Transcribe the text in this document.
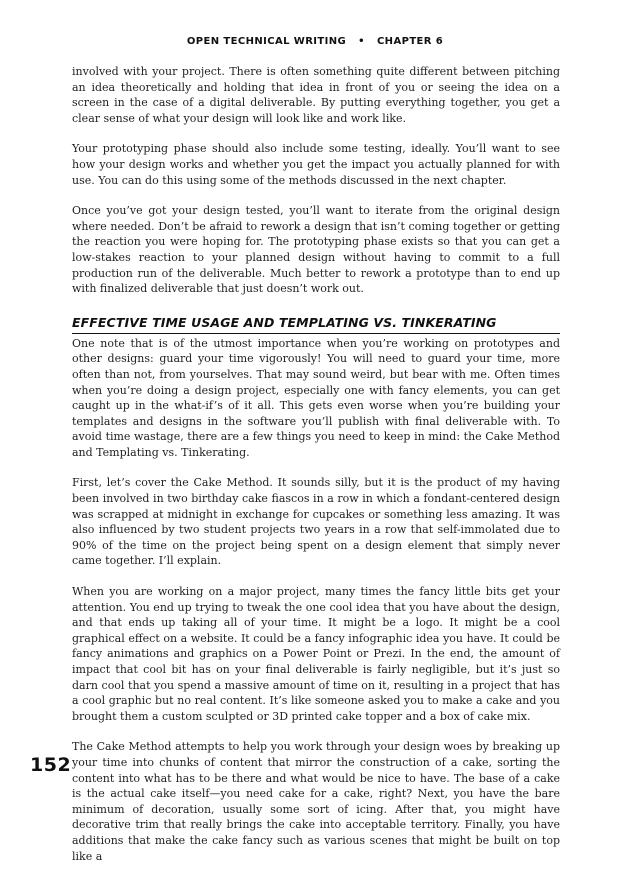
OPEN TECHNICAL WRITING • CHAPTER 6

involved with your project. There is often something quite different between pitching an idea theoretically and holding that idea in front of you or seeing the idea on a screen in the case of a digital deliverable. By putting everything together, you get a clear sense of what your design will look like and work like.

Your prototyping phase should also include some testing, ideally. You’ll want to see how your design works and whether you get the impact you actually planned for with use. You can do this using some of the methods discussed in the next chapter.

Once you’ve got your design tested, you’ll want to iterate from the original design where needed. Don’t be afraid to rework a design that isn’t coming together or getting the reaction you were hoping for. The prototyping phase exists so that you can get a low-stakes reaction to your planned design without having to commit to a full production run of the deliverable. Much better to rework a prototype than to end up with finalized deliverable that just doesn’t work out.

EFFECTIVE TIME USAGE AND TEMPLATING VS. TINKERATING

One note that is of the utmost importance when you’re working on prototypes and other designs: guard your time vigorously! You will need to guard your time, more often than not, from yourselves. That may sound weird, but bear with me. Often times when you’re doing a design project, especially one with fancy elements, you can get caught up in the what-if’s of it all. This gets even worse when you’re building your templates and designs in the software you’ll publish with final deliverable with. To avoid time wastage, there are a few things you need to keep in mind: the Cake Method and Templating vs. Tinkerating.

First, let’s cover the Cake Method. It sounds silly, but it is the product of my having been involved in two birthday cake fiascos in a row in which a fondant-centered design was scrapped at midnight in exchange for cupcakes or something less amazing. It was also influenced by two student projects two years in a row that self-immolated due to 90% of the time on the project being spent on a design element that simply never came together. I’ll explain.

When you are working on a major project, many times the fancy little bits get your attention. You end up trying to tweak the one cool idea that you have about the design, and that ends up taking all of your time. It might be a logo. It might be a cool graphical effect on a website. It could be a fancy infographic idea you have. It could be fancy animations and graphics on a Power Point or Prezi. In the end, the amount of impact that cool bit has on your final deliverable is fairly negligible, but it’s just so darn cool that you spend a massive amount of time on it, resulting in a project that has a cool graphic but no real content. It’s like someone asked you to make a cake and you brought them a custom sculpted or 3D printed cake topper and a box of cake mix.

The Cake Method attempts to help you work through your design woes by breaking up your time into chunks of content that mirror the construction of a cake, sorting the content into what has to be there and what would be nice to have. The base of a cake is the actual cake itself—you need cake for a cake, right? Next, you have the bare minimum of decoration, usually some sort of icing. After that, you might have decorative trim that really brings the cake into acceptable territory. Finally, you have additions that make the cake fancy such as various scenes that might be built on top like a

152
